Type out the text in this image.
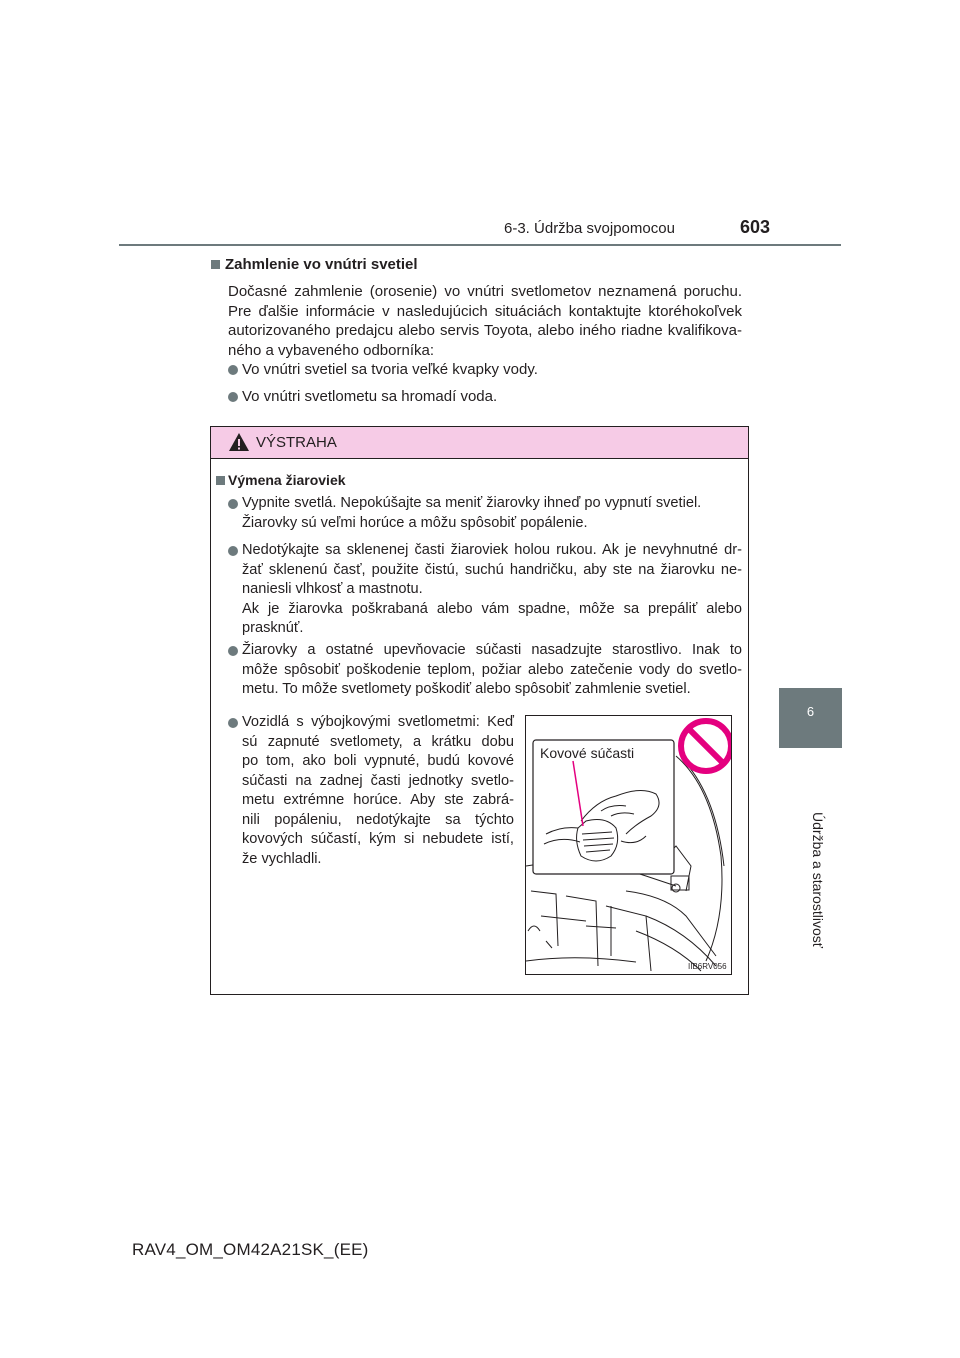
6-3. Údržba svojpomocou	603
6
Údržba a starostlivosť
Zahmlenie vo vnútri svetiel
Dočasné zahmlenie (orosenie) vo vnútri svetlometov neznamená poruchu.
Pre ďalšie informácie v nasledujúcich situáciách kontaktujte ktoréhokoľvek
autorizovaného predajcu alebo servis Toyota, alebo iného riadne kvalifikova-
ného a vybaveného odborníka:
Vo vnútri svetiel sa tvoria veľké kvapky vody.
Vo vnútri svetlometu sa hromadí voda.
VÝSTRAHA
Výmena žiaroviek
Vypnite svetlá. Nepokúšajte sa meniť žiarovky ihneď po vypnutí svetiel.
Žiarovky sú veľmi horúce a môžu spôsobiť popálenie.
Nedotýkajte sa sklenenej časti žiaroviek holou rukou. Ak je nevyhnutné dr-
žať sklenenú časť, použite čistú, suchú handričku, aby ste na žiarovku ne-
naniesli vlhkosť a mastnotu.
Ak je žiarovka poškrabaná alebo vám spadne, môže sa prepáliť alebo
prasknúť.
Žiarovky a ostatné upevňovacie súčasti nasadzujte starostlivo. Inak to
môže spôsobiť poškodenie teplom, požiar alebo zatečenie vody do svetlo-
metu. To môže svetlomety poškodiť alebo spôsobiť zahmlenie svetiel.
Vozidlá s výbojkovými svetlometmi: Keď
sú zapnuté svetlomety, a krátku dobu
po tom, ako boli vypnuté, budú kovové
súčasti na zadnej časti jednotky svetlo-
metu extrémne horúce. Aby ste zabrá-
nili popáleniu, nedotýkajte sa týchto
kovových súčastí, kým si nebudete istí,
že vychladli.
Kovové súčasti
IIB6RV056
RAV4_OM_OM42A21SK_(EE)
